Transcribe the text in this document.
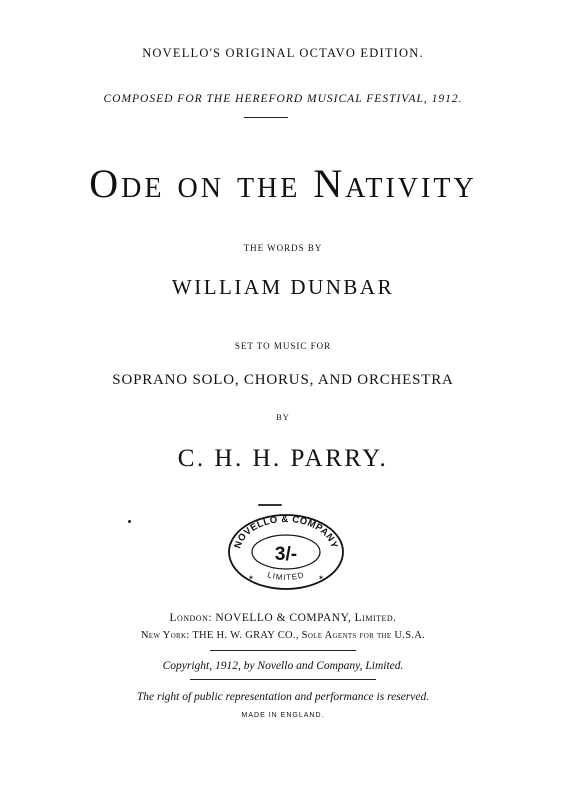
NOVELLO'S ORIGINAL OCTAVO EDITION.
COMPOSED FOR THE HEREFORD MUSICAL FESTIVAL, 1912.
Ode on the Nativity
THE WORDS BY
WILLIAM DUNBAR
SET TO MUSIC FOR
SOPRANO SOLO, CHORUS, AND ORCHESTRA
BY
C. H. H. PARRY.
NOVELLO & COMPANY
LIMITED
3/-
✶	✶
London: NOVELLO & COMPANY, Limited.
New York: THE H. W. GRAY CO., Sole Agents for the U.S.A.
Copyright, 1912, by Novello and Company, Limited.
The right of public representation and performance is reserved.
MADE IN ENGLAND.
